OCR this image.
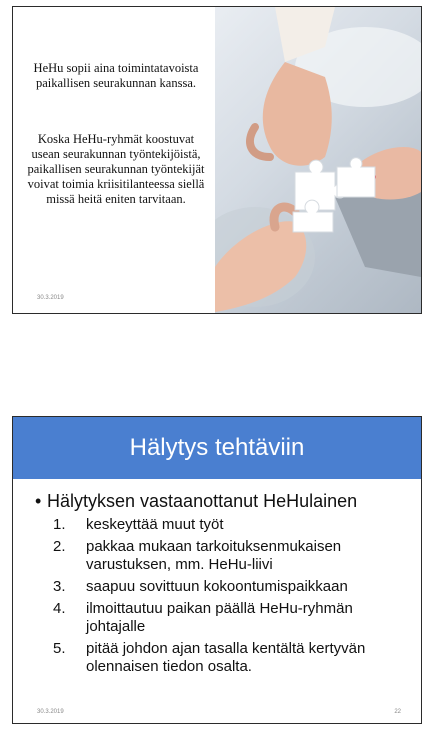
HeHu sopii aina toimintatavoista paikallisen seurakunnan kanssa.

Koska HeHu-ryhmät koostuvat usean seurakunnan työntekijöistä, paikallisen seurakunnan työntekijät voivat toimia kriisitilanteessa siellä missä heitä eniten tarvitaan.

30.3.2019
Hälytys tehtäviin
• Hälytyksen vastaanottanut HeHulainen
1.	keskeyttää muut työt
2.	pakkaa mukaan tarkoituksenmukaisen varustuksen, mm. HeHu-liivi
3.	saapuu sovittuun kokoontumispaikkaan
4.	ilmoittautuu paikan päällä HeHu-ryhmän johtajalle
5.	pitää johdon ajan tasalla kentältä kertyvän olennaisen tiedon osalta.
30.3.2019	22
